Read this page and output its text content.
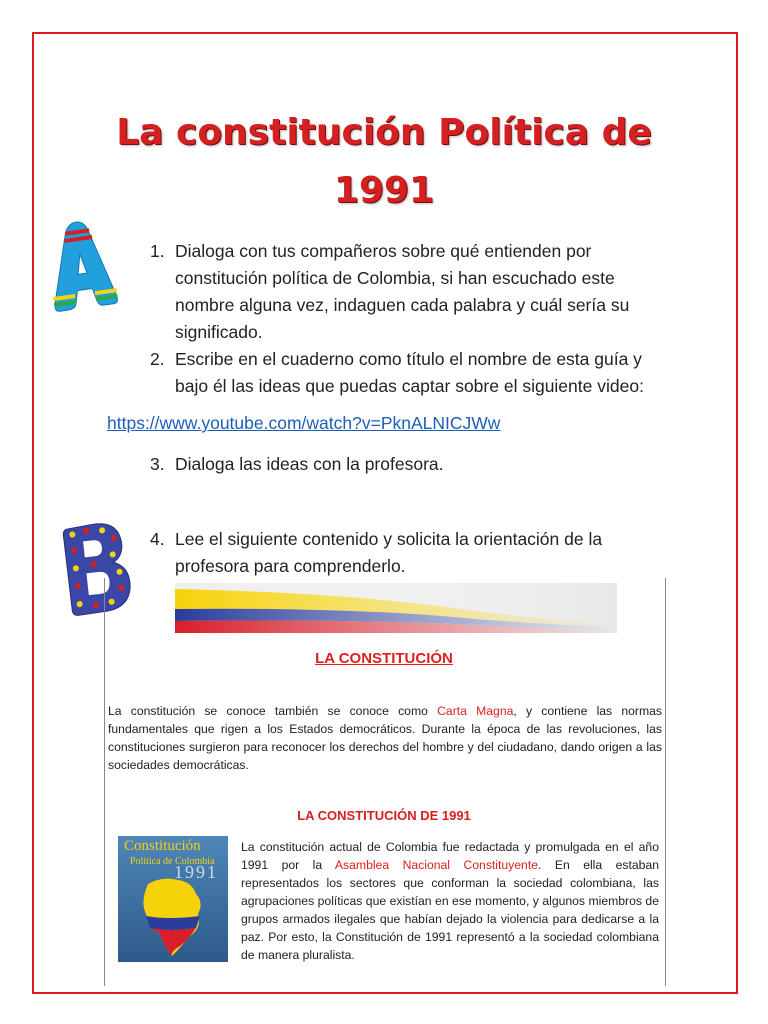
La constitución Política de
1991
1. Dialoga con tus compañeros sobre qué entienden por
constitución política de Colombia, si han escuchado este
nombre alguna vez, indaguen cada palabra y cuál sería su
significado.
2. Escribe en el cuaderno como título el nombre de esta guía y
bajo él las ideas que puedas captar sobre el siguiente video:
https://www.youtube.com/watch?v=PknALNICJWw
3. Dialoga las ideas con la profesora.
4. Lee el siguiente contenido y solicita la orientación de la
profesora para comprenderlo.
LA CONSTITUCIÓN
La constitución se conoce también se conoce como Carta Magna, y contiene las normas fundamentales que rigen a los Estados democráticos. Durante la época de las revoluciones, las constituciones surgieron para reconocer los derechos del hombre y del ciudadano, dando origen a las sociedades democráticas.
LA CONSTITUCIÓN DE 1991
Constitución
Política de Colombia
1991
La constitución actual de Colombia fue redactada y promulgada en el año 1991 por la Asamblea Nacional Constituyente. En ella estaban representados los sectores que conforman la sociedad colombiana, las agrupaciones políticas que existían en ese momento, y algunos miembros de grupos armados ilegales que habían dejado la violencia para dedicarse a la paz. Por esto, la Constitución de 1991 representó a la sociedad colombiana de manera pluralista.
